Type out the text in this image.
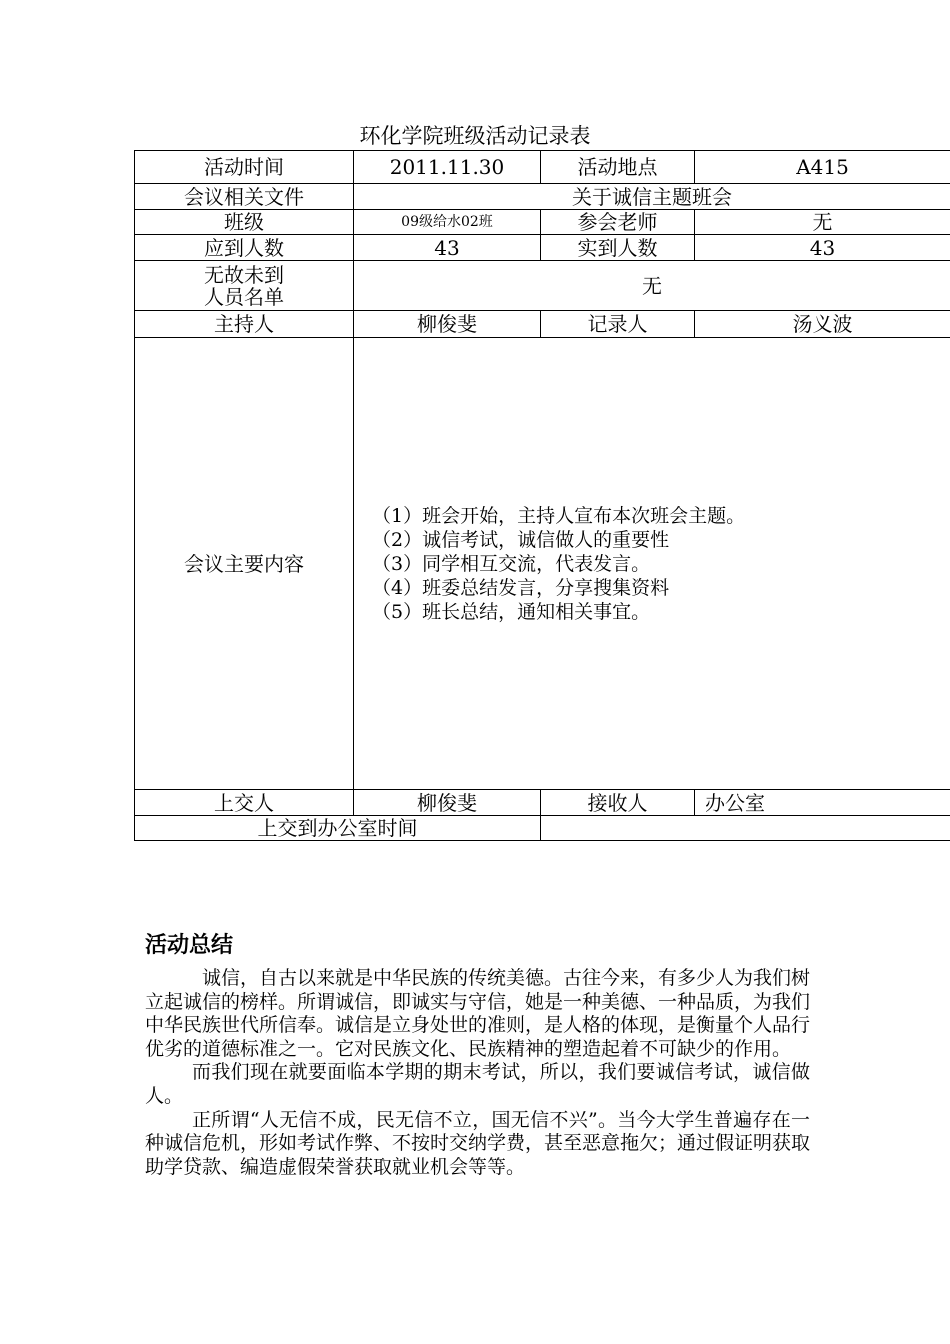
环化学院班级活动记录表
活动时间	2011.11.30	活动地点	A415
会议相关文件	关于诚信主题班会		
班级	09级给水02班	参会老师	无
应到人数	43	实到人数	43

无故未到
人员名单	无		
主持人	柳俊斐	记录人	汤义波
会议主要内容	（1）班会开始，主持人宣布本次班会主题。
（2）诚信考试，诚信做人的重要性
（3）同学相互交流，代表发言。
（4）班委总结发言，分享搜集资料
（5）班长总结，通知相关事宜。		

上交人	柳俊斐	接收人	办公室
上交到办公室时间			
活动总结

诚信，自古以来就是中华民族的传统美德。古往今来，有多少人为我们树立起诚信的榜样。所谓诚信，即诚实与守信，她是一种美德、一种品质，为我们中华民族世代所信奉。诚信是立身处世的准则，是人格的体现，是衡量个人品行优劣的道德标准之一。它对民族文化、民族精神的塑造起着不可缺少的作用。

而我们现在就要面临本学期的期末考试，所以，我们要诚信考试，诚信做人。

正所谓“人无信不成，民无信不立，国无信不兴”。当今大学生普遍存在一种诚信危机，形如考试作弊、不按时交纳学费，甚至恶意拖欠；通过假证明获取助学贷款、编造虚假荣誉获取就业机会等等。
